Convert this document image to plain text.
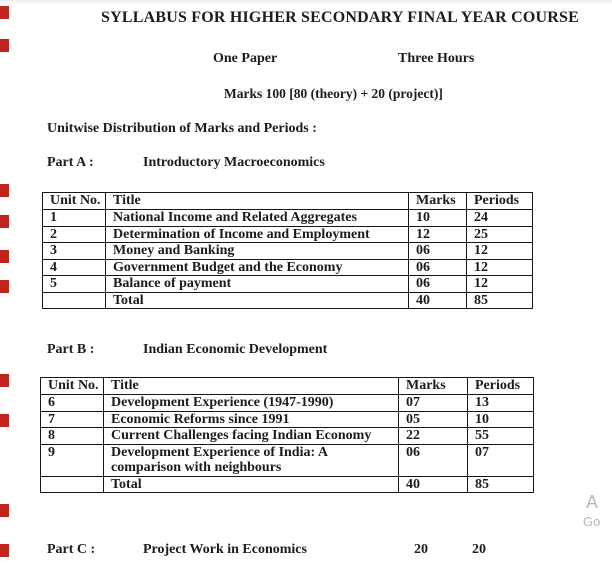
SYLLABUS FOR HIGHER SECONDARY FINAL YEAR COURSE
One Paper	Three Hours
Marks 100 [80 (theory) + 20 (project)]
Unitwise Distribution of Marks and Periods :
Part A :	Introductory Macroeconomics
Unit No.	Title	Marks	Periods
1	National Income and Related Aggregates	10	24
2	Determination of Income and Employment	12	25
3	Money and Banking	06	12
4	Government Budget and the Economy	06	12
5	Balance of payment	06	12
	Total	40	85
Part B :	Indian Economic Development
Unit No.	Title	Marks	Periods
6	Development Experience (1947-1990)	07	13
7	Economic Reforms since 1991	05	10
8	Current Challenges facing Indian Economy	22	55
9	Development Experience of India: A comparison with neighbours	06	07
	Total	40	85
Part C :	Project Work in Economics	20	20
A
Go
